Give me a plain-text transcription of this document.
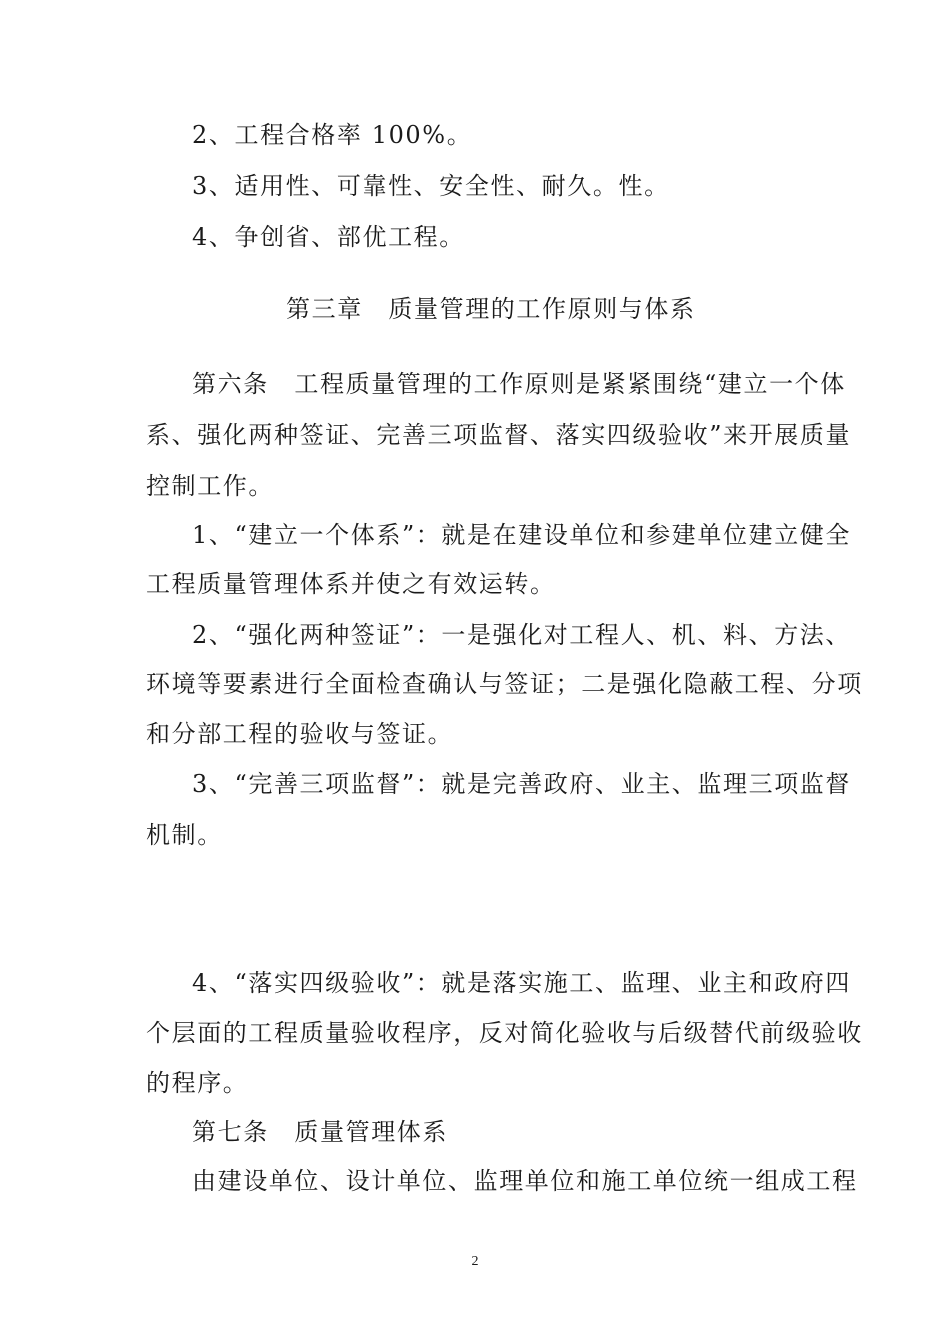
2、工程合格率 100%。
3、适用性、可靠性、安全性、耐久。性。
4、争创省、部优工程。
第三章　质量管理的工作原则与体系
第六条　工程质量管理的工作原则是紧紧围绕“建立一个体
系、强化两种签证、完善三项监督、落实四级验收”来开展质量
控制工作。
1、“建立一个体系”：就是在建设单位和参建单位建立健全
工程质量管理体系并使之有效运转。
2、“强化两种签证”：一是强化对工程人、机、料、方法、
环境等要素进行全面检查确认与签证；二是强化隐蔽工程、分项
和分部工程的验收与签证。
3、“完善三项监督”：就是完善政府、业主、监理三项监督
机制。
4、“落实四级验收”：就是落实施工、监理、业主和政府四
个层面的工程质量验收程序，反对简化验收与后级替代前级验收
的程序。
第七条　质量管理体系
由建设单位、设计单位、监理单位和施工单位统一组成工程
2
